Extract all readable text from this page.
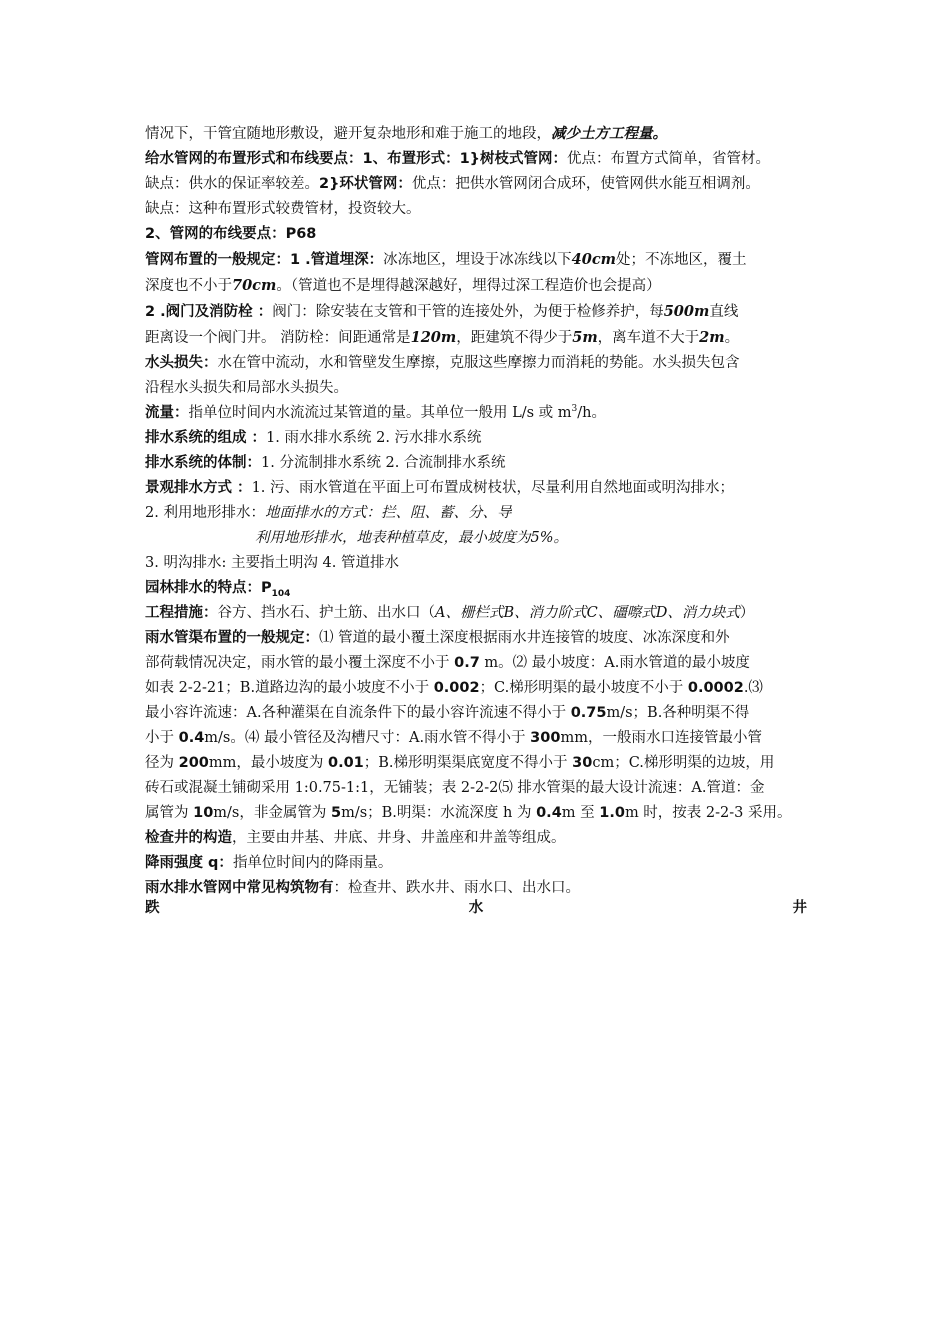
情况下，干管宜随地形敷设，避开复杂地形和难于施工的地段，减少土方工程量。
给水管网的布置形式和布线要点：1、布置形式：1}树枝式管网：优点：布置方式简单，省管材。
缺点：供水的保证率较差。2}环状管网：优点：把供水管网闭合成环，使管网供水能互相调剂。
缺点：这种布置形式较费管材，投资较大。
2、管网的布线要点：P68
管网布置的一般规定：1 .管道埋深：冰冻地区，埋设于冰冻线以下40cm处；不冻地区，覆土
深度也不小于70cm。（管道也不是埋得越深越好，埋得过深工程造价也会提高）
2 .阀门及消防栓 ：阀门：除安装在支管和干管的连接处外，为便于检修养护，每500m直线
距离设一个阀门井。 消防栓：间距通常是120m，距建筑不得少于5m，离车道不大于2m。
水头损失：水在管中流动，水和管壁发生摩擦，克服这些摩擦力而消耗的势能。水头损失包含
沿程水头损失和局部水头损失。
流量：指单位时间内水流流过某管道的量。其单位一般用 L/s 或 $m^3/h$。
排水系统的组成 ：1. 雨水排水系统 2. 污水排水系统
排水系统的体制：1. 分流制排水系统 2. 合流制排水系统
景观排水方式 ：1. 污、雨水管道在平面上可布置成树枝状，尽量利用自然地面或明沟排水；
2. 利用地形排水：地面排水的方式：拦、阻、蓄、分、导
利用地形排水，地表种植草皮，最小坡度为5%。
3. 明沟排水: 主要指土明沟 4. 管道排水
园林排水的特点：$P_{104}$
工程措施：谷方、挡水石、护土筋、出水口（A、栅栏式B、消力阶式C、礓嚓式D、消力块式）
雨水管渠布置的一般规定：⑴ 管道的最小覆土深度根据雨水井连接管的坡度、冰冻深度和外
部荷载情况决定，雨水管的最小覆土深度不小于 0.7 m。⑵ 最小坡度：A.雨水管道的最小坡度
如表 2-2-21；B.道路边沟的最小坡度不小于 0.002；C.梯形明渠的最小坡度不小于 0.0002.⑶
最小容许流速：A.各种灌渠在自流条件下的最小容许流速不得小于 0.75m/s；B.各种明渠不得
小于 0.4m/s。⑷ 最小管径及沟槽尺寸：A.雨水管不得小于 300mm，一般雨水口连接管最小管
径为 200mm，最小坡度为 0.01；B.梯形明渠渠底宽度不得小于 30cm；C.梯形明渠的边坡，用
砖石或混凝土铺砌采用 1:0.75-1:1，无铺装；表 2-2-2⑸ 排水管渠的最大设计流速：A.管道：金
属管为 10m/s，非金属管为 5m/s；B.明渠：水流深度 h 为 0.4m 至 1.0m 时，按表 2-2-3 采用。
检查井的构造，主要由井基、井底、井身、井盖座和井盖等组成。
降雨强度 q：指单位时间内的降雨量。
雨水排水管网中常见构筑物有：检查井、跌水井、雨水口、出水口。
跌	水	井
